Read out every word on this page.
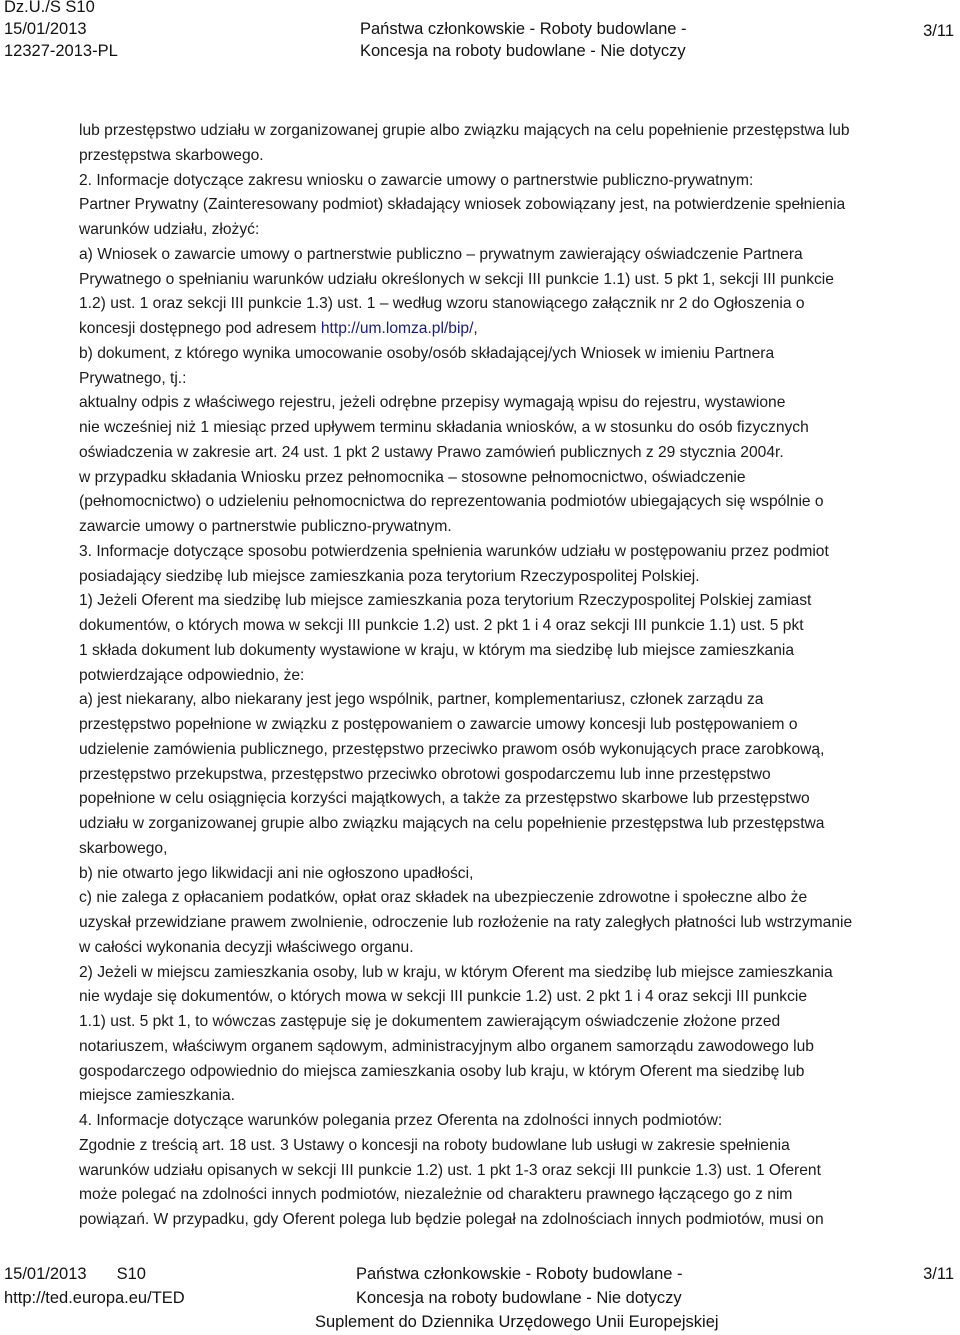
Dz.U./S S10
15/01/2013
12327-2013-PL
Państwa członkowskie - Roboty budowlane -
Koncesja na roboty budowlane - Nie dotyczy
3/11

lub przestępstwo udziału w zorganizowanej grupie albo związku mających na celu popełnienie przestępstwa lub

przestępstwa skarbowego.

2. Informacje dotyczące zakresu wniosku o zawarcie umowy o partnerstwie publiczno-prywatnym:

Partner Prywatny (Zainteresowany podmiot) składający wniosek zobowiązany jest, na potwierdzenie spełnienia

warunków udziału, złożyć:

a) Wniosek o zawarcie umowy o partnerstwie publiczno – prywatnym zawierający oświadczenie Partnera

Prywatnego o spełnianiu warunków udziału określonych w sekcji III punkcie 1.1) ust. 5 pkt 1, sekcji III punkcie

1.2) ust. 1 oraz sekcji III punkcie 1.3) ust. 1 – według wzoru stanowiącego załącznik nr 2 do Ogłoszenia o

koncesji dostępnego pod adresem http://um.lomza.pl/bip/,

b) dokument, z którego wynika umocowanie osoby/osób składającej/ych Wniosek w imieniu Partnera

Prywatnego, tj.:

aktualny odpis z właściwego rejestru, jeżeli odrębne przepisy wymagają wpisu do rejestru, wystawione

nie wcześniej niż 1 miesiąc przed upływem terminu składania wniosków, a w stosunku do osób fizycznych

oświadczenia w zakresie art. 24 ust. 1 pkt 2 ustawy Prawo zamówień publicznych z 29 stycznia 2004r.

w przypadku składania Wniosku przez pełnomocnika – stosowne pełnomocnictwo, oświadczenie

(pełnomocnictwo) o udzieleniu pełnomocnictwa do reprezentowania podmiotów ubiegających się wspólnie o

zawarcie umowy o partnerstwie publiczno-prywatnym.

3. Informacje dotyczące sposobu potwierdzenia spełnienia warunków udziału w postępowaniu przez podmiot

posiadający siedzibę lub miejsce zamieszkania poza terytorium Rzeczypospolitej Polskiej.

1) Jeżeli Oferent ma siedzibę lub miejsce zamieszkania poza terytorium Rzeczypospolitej Polskiej zamiast

dokumentów, o których mowa w sekcji III punkcie 1.2) ust. 2 pkt 1 i 4 oraz sekcji III punkcie 1.1) ust. 5 pkt

1 składa dokument lub dokumenty wystawione w kraju, w którym ma siedzibę lub miejsce zamieszkania

potwierdzające odpowiednio, że:

a) jest niekarany, albo niekarany jest jego wspólnik, partner, komplementariusz, członek zarządu za

przestępstwo popełnione w związku z postępowaniem o zawarcie umowy koncesji lub postępowaniem o

udzielenie zamówienia publicznego, przestępstwo przeciwko prawom osób wykonujących prace zarobkową,

przestępstwo przekupstwa, przestępstwo przeciwko obrotowi gospodarczemu lub inne przestępstwo

popełnione w celu osiągnięcia korzyści majątkowych, a także za przestępstwo skarbowe lub przestępstwo

udziału w zorganizowanej grupie albo związku mających na celu popełnienie przestępstwa lub przestępstwa

skarbowego,

b) nie otwarto jego likwidacji ani nie ogłoszono upadłości,

c) nie zalega z opłacaniem podatków, opłat oraz składek na ubezpieczenie zdrowotne i społeczne albo że

uzyskał przewidziane prawem zwolnienie, odroczenie lub rozłożenie na raty zaległych płatności lub wstrzymanie

w całości wykonania decyzji właściwego organu.

2) Jeżeli w miejscu zamieszkania osoby, lub w kraju, w którym Oferent ma siedzibę lub miejsce zamieszkania

nie wydaje się dokumentów, o których mowa w sekcji III punkcie 1.2) ust. 2 pkt 1 i 4 oraz sekcji III punkcie

1.1) ust. 5 pkt 1, to wówczas zastępuje się je dokumentem zawierającym oświadczenie złożone przed

notariuszem, właściwym organem sądowym, administracyjnym albo organem samorządu zawodowego lub

gospodarczego odpowiednio do miejsca zamieszkania osoby lub kraju, w którym Oferent ma siedzibę lub

miejsce zamieszkania.

4. Informacje dotyczące warunków polegania przez Oferenta na zdolności innych podmiotów:

Zgodnie z treścią art. 18 ust. 3 Ustawy o koncesji na roboty budowlane lub usługi w zakresie spełnienia

warunków udziału opisanych w sekcji III punkcie 1.2) ust. 1 pkt 1-3 oraz sekcji III punkcie 1.3) ust. 1 Oferent

może polegać na zdolności innych podmiotów, niezależnie od charakteru prawnego łączącego go z nim

powiązań. W przypadku, gdy Oferent polega lub będzie polegał na zdolnościach innych podmiotów, musi on

15/01/2013 S10
http://ted.europa.eu/TED
Państwa członkowskie - Roboty budowlane -
Koncesja na roboty budowlane - Nie dotyczy
3/11
Suplement do Dziennika Urzędowego Unii Europejskiej
